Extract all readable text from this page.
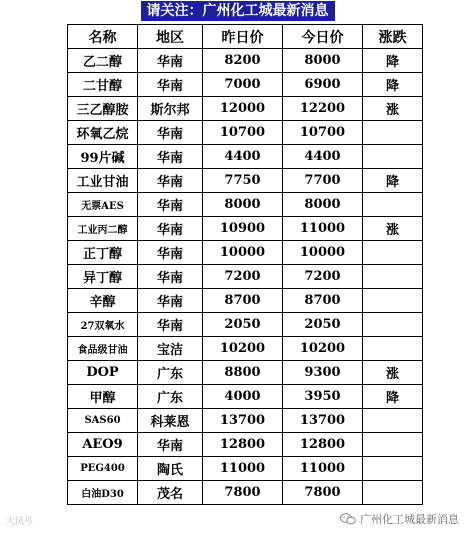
请关注：广州化工城最新消息
名称	地区	昨日价	今日价	涨跌
乙二醇	华南	8200	8000	降
二甘醇	华南	7000	6900	降
三乙醇胺	斯尔邦	12000	12200	涨
环氧乙烷	华南	10700	10700	
99片碱	华南	4400	4400	
工业甘油	华南	7750	7700	降
无票AES	华南	8000	8000	
工业丙二醇	华南	10900	11000	涨
正丁醇	华南	10000	10000	
异丁醇	华南	7200	7200	
辛醇	华南	8700	8700	
27双氧水	华南	2050	2050	
食品级甘油	宝洁	10200	10200	
DOP	广东	8800	9300	涨
甲醇	广东	4000	3950	降
SAS60	科莱恩	13700	13700	
AEO9	华南	12800	12800	
PEG400	陶氏	11000	11000	
白油D30	茂名	7800	7800	
大风号	广州化工城最新消息
